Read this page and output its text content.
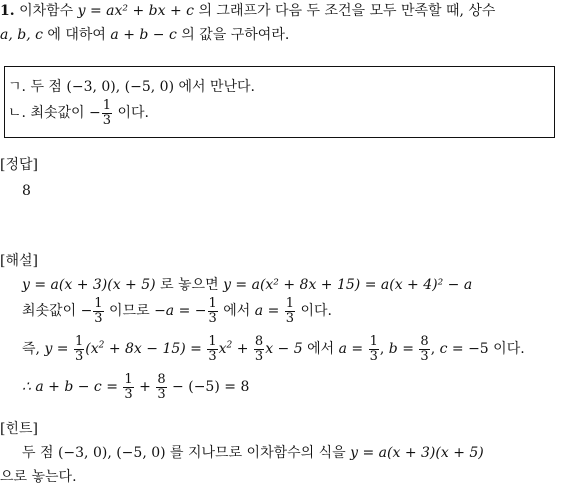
1. 이차함수 y = ax² + bx + c 의 그래프가 다음 두 조건을 모두 만족할 때, 상수
a, b, c 에 대하여 a + b − c 의 값을 구하여라.
ㄱ. 두 점 (−3, 0), (−5, 0) 에서 만난다.
ㄴ. 최솟값이 − $\frac{1}{3}$ 이다.
[정답]
8
[해설]
y = a(x + 3)(x + 5) 로 놓으면 y = a(x² + 8x + 15) = a(x + 4)² − a
최솟값이 − $\frac{1}{3}$ 이므로 −a = − $\frac{1}{3}$ 에서 $a = \frac{1}{3}$ 이다.
즉, $y = \frac{1}{3} (x^2 + 8x - 15) = \frac{1}{3} x^2 + \frac{8}{3}$ x − 5 에서 $a = \frac{1}{3}$ , $b = \frac{8}{3}$ , c = −5 이다.
∴ $a + b - c = \frac{1}{3} + \frac{8}{3} - (-5) = 8$
[힌트]
두 점 (−3, 0), (−5, 0) 를 지나므로 이차함수의 식을 y = a(x + 3)(x + 5)
으로 놓는다.
